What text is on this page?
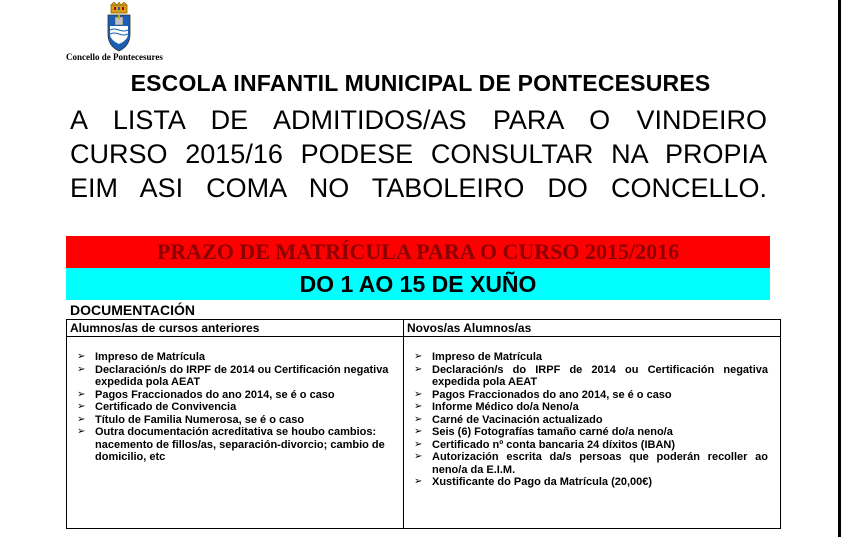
Concello de Pontecesures
ESCOLA INFANTIL MUNICIPAL DE PONTECESURES

A LISTA DE ADMITIDOS/AS PARA O VINDEIRO

CURSO 2015/16 PODESE CONSULTAR NA PROPIA

EIM ASI COMA NO TABOLEIRO DO CONCELLO.

PRAZO DE MATRÍCULA PARA O CURSO 2015/2016
DO 1 AO 15 DE XUÑO
DOCUMENTACIÓN
Alumnos/as de cursos anteriores
➢ Impreso de Matrícula
➢ Declaración/s do IRPF de 2014 ou Certificación negativa expedida pola AEAT
➢ Pagos Fraccionados do ano 2014, se é o caso
➢ Certificado de Convivencia
➢ Título de Familia Numerosa, se é o caso
➢ Outra documentación acreditativa se houbo cambios: nacemento de fillos/as, separación-divorcio; cambio de domicilio, etc
Novos/as Alumnos/as
➢ Impreso de Matrícula
➢ Declaración/s do IRPF de 2014 ou Certificación negativa expedida pola AEAT
➢ Pagos Fraccionados do ano 2014, se é o caso
➢ Informe Médico do/a Neno/a
➢ Carné de Vacinación actualizado
➢ Seis (6) Fotografías tamaño carné do/a neno/a
➢ Certificado nº conta bancaria 24 díxitos (IBAN)
➢ Autorización escrita da/s persoas que poderán recoller ao neno/a da E.I.M.
➢ Xustificante do Pago da Matrícula (20,00€)
